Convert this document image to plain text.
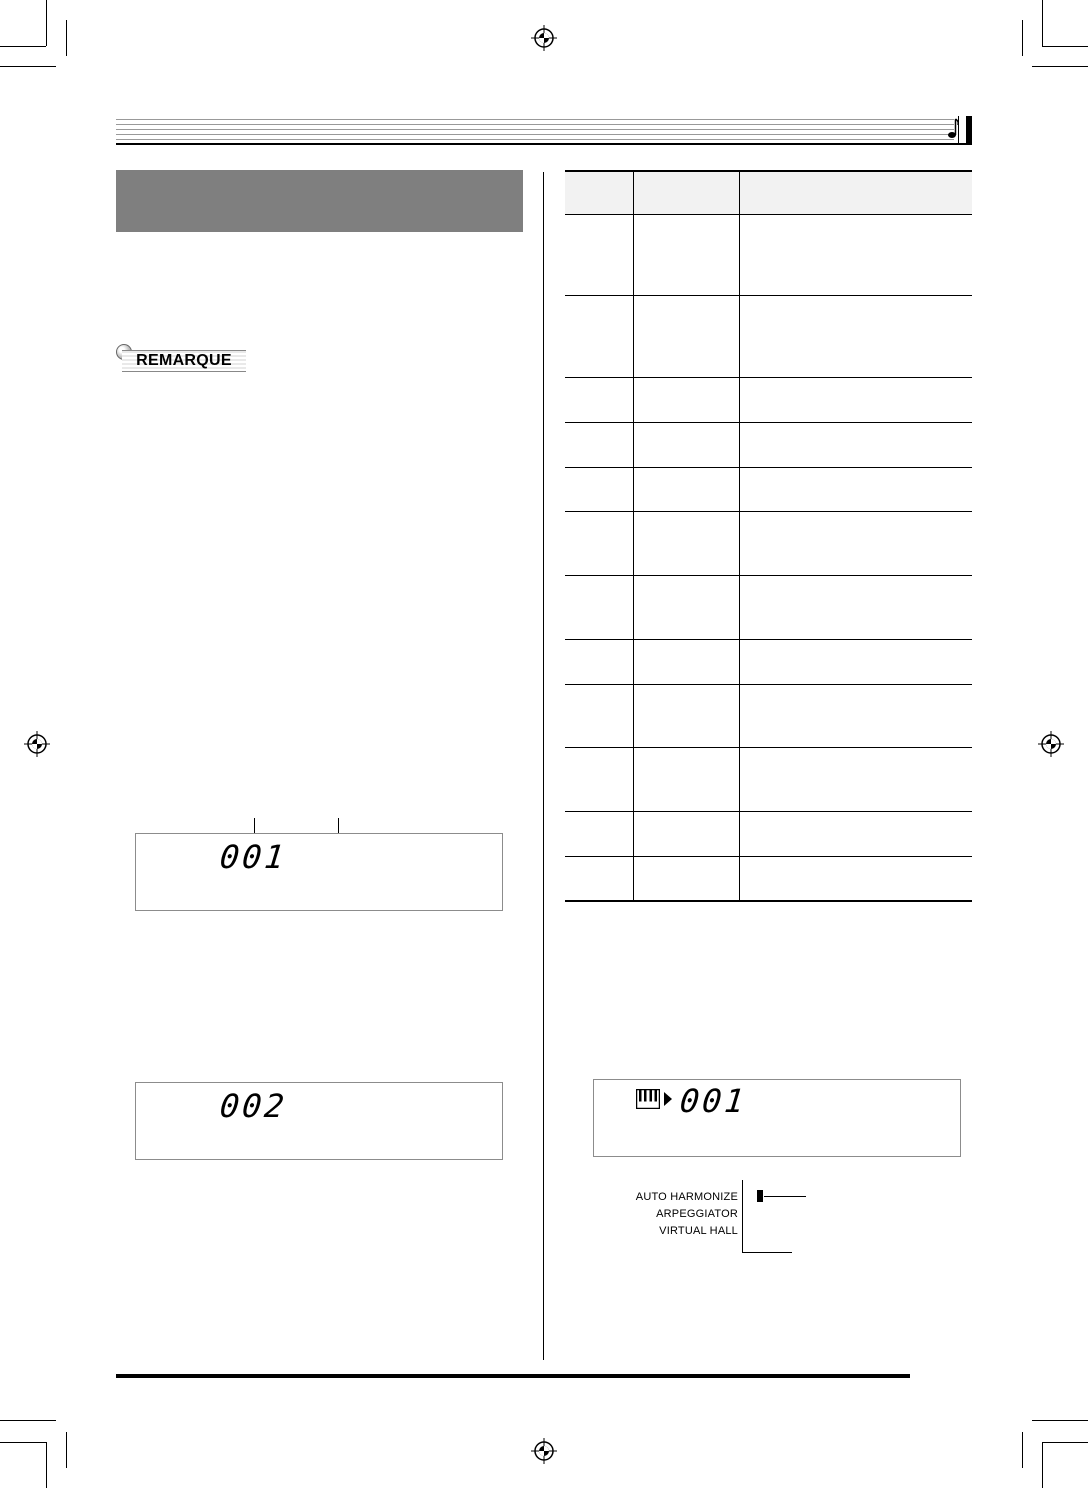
REMARQUE
001
002	001
AUTO HARMONIZE
ARPEGGIATOR
VIRTUAL HALL
